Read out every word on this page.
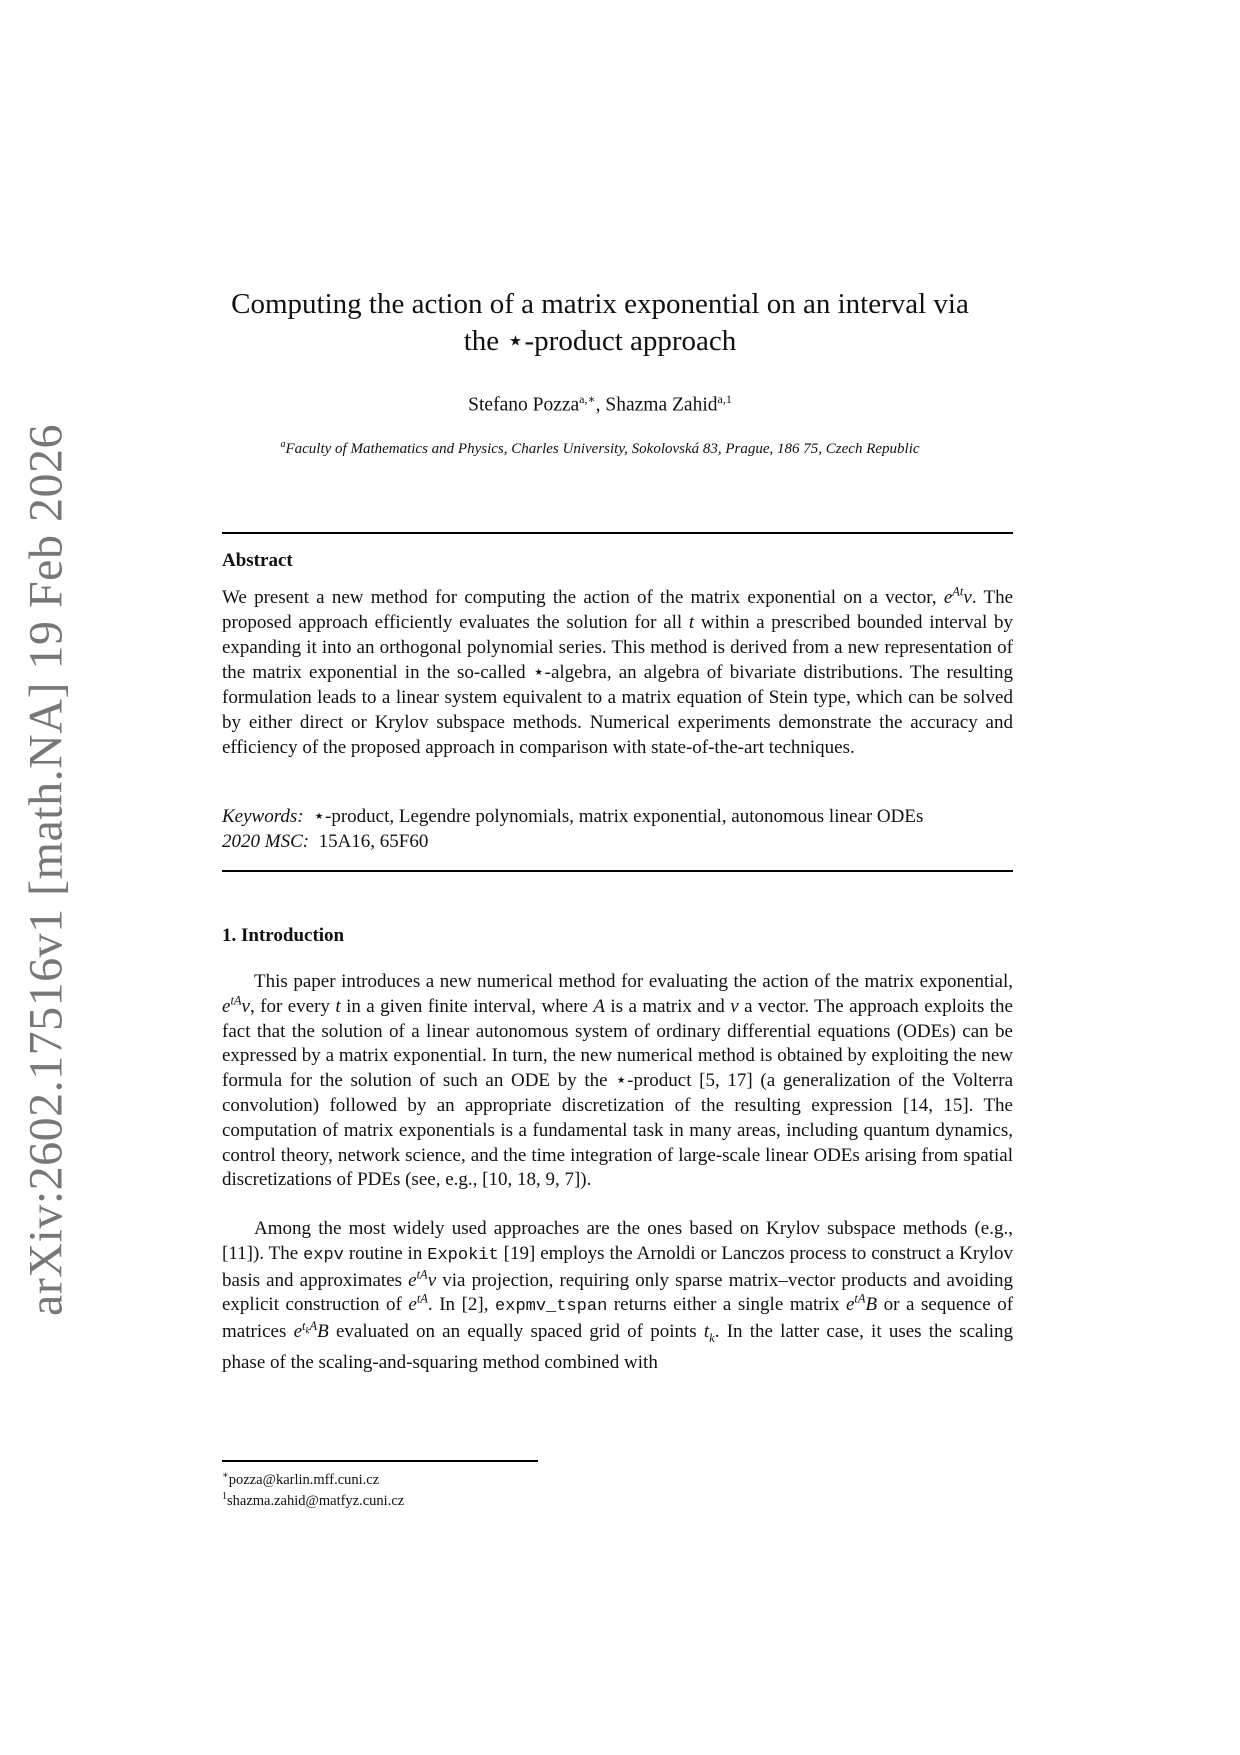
arXiv:2602.17516v1 [math.NA] 19 Feb 2026
Computing the action of a matrix exponential on an interval via
the ⋆-product approach
Stefano Pozza$^{a,∗}$, Shazma Zahid$^{a,1}$
$^a$Faculty of Mathematics and Physics, Charles University, Sokolovská 83, Prague, 186 75, Czech Republic
Abstract

We present a new method for computing the action of the matrix exponential on a vector, $e^{At}v$. The proposed approach efficiently evaluates the solution for all t within a prescribed bounded interval by expanding it into an orthogonal polynomial series. This method is derived from a new representation of the matrix exponential in the so-called ⋆-algebra, an algebra of bivariate distributions. The resulting formulation leads to a linear system equivalent to a matrix equation of Stein type, which can be solved by either direct or Krylov subspace methods. Numerical experiments demonstrate the accuracy and efficiency of the proposed approach in comparison with state-of-the-art techniques.

Keywords: ⋆-product, Legendre polynomials, matrix exponential, autonomous linear ODEs
2020 MSC: 15A16, 65F60
1. Introduction

This paper introduces a new numerical method for evaluating the action of the matrix exponential, $e^{tA}v$, for every t in a given finite interval, where A is a matrix and v a vector. The approach exploits the fact that the solution of a linear autonomous system of ordinary differential equations (ODEs) can be expressed by a matrix exponential. In turn, the new numerical method is obtained by exploiting the new formula for the solution of such an ODE by the ⋆-product [5, 17] (a generalization of the Volterra convolution) followed by an appropriate discretization of the resulting expression [14, 15]. The computation of matrix exponentials is a fundamental task in many areas, including quantum dynamics, control theory, network science, and the time integration of large-scale linear ODEs arising from spatial discretizations of PDEs (see, e.g., [10, 18, 9, 7]).

Among the most widely used approaches are the ones based on Krylov subspace methods (e.g., [11]). The expv routine in Expokit [19] employs the Arnoldi or Lanczos process to construct a Krylov basis and approximates $e^{tA}v$ via projection, requiring only sparse matrix–vector products and avoiding explicit construction of $e^{tA}$. In [2], expmv_tspan returns either a single matrix $e^{tA}B$ or a sequence of matrices $e^{t_kA}B$ evaluated on an equally spaced grid of points $t_k$. In the latter case, it uses the scaling phase of the scaling-and-squaring method combined with

∗pozza@karlin.mff.cuni.cz
$^1$shazma.zahid@matfyz.cuni.cz
